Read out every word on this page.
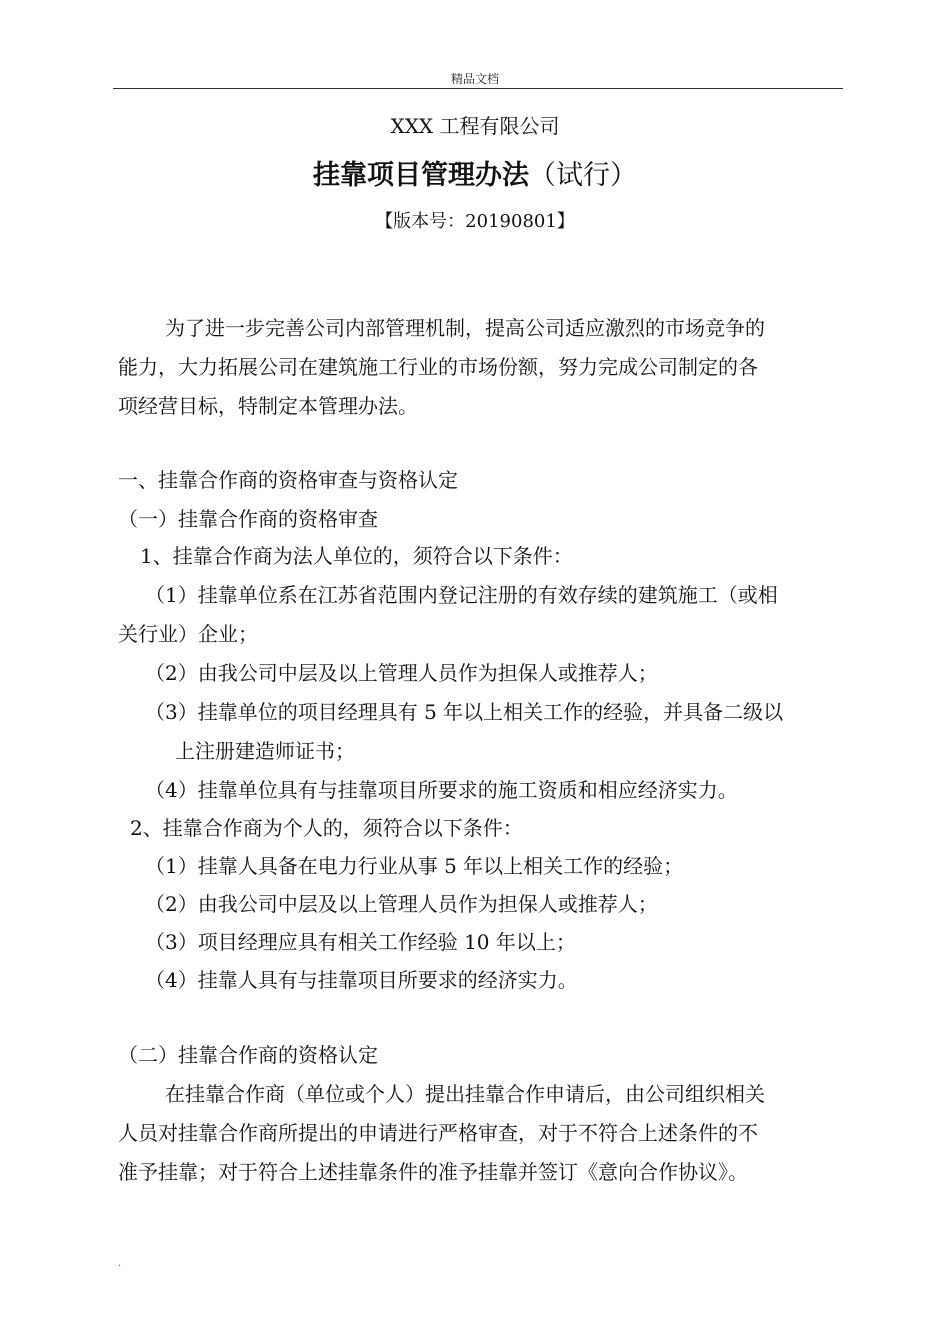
精品文档
XXX 工程有限公司
挂靠项目管理办法（试行）
【版本号：20190801】
为了进一步完善公司内部管理机制，提高公司适应激烈的市场竞争的
能力，大力拓展公司在建筑施工行业的市场份额，努力完成公司制定的各
项经营目标，特制定本管理办法。
一、挂靠合作商的资格审查与资格认定
（一）挂靠合作商的资格审查
1、挂靠合作商为法人单位的，须符合以下条件：
（1）挂靠单位系在江苏省范围内登记注册的有效存续的建筑施工（或相
关行业）企业；
（2）由我公司中层及以上管理人员作为担保人或推荐人；
（3）挂靠单位的项目经理具有 5 年以上相关工作的经验，并具备二级以
上注册建造师证书；
（4）挂靠单位具有与挂靠项目所要求的施工资质和相应经济实力。
2、挂靠合作商为个人的，须符合以下条件：
（1）挂靠人具备在电力行业从事 5 年以上相关工作的经验；
（2）由我公司中层及以上管理人员作为担保人或推荐人；
（3）项目经理应具有相关工作经验 10 年以上；
（4）挂靠人具有与挂靠项目所要求的经济实力。
（二）挂靠合作商的资格认定
在挂靠合作商（单位或个人）提出挂靠合作申请后，由公司组织相关
人员对挂靠合作商所提出的申请进行严格审查，对于不符合上述条件的不
准予挂靠；对于符合上述挂靠条件的准予挂靠并签订《意向合作协议》。
.
